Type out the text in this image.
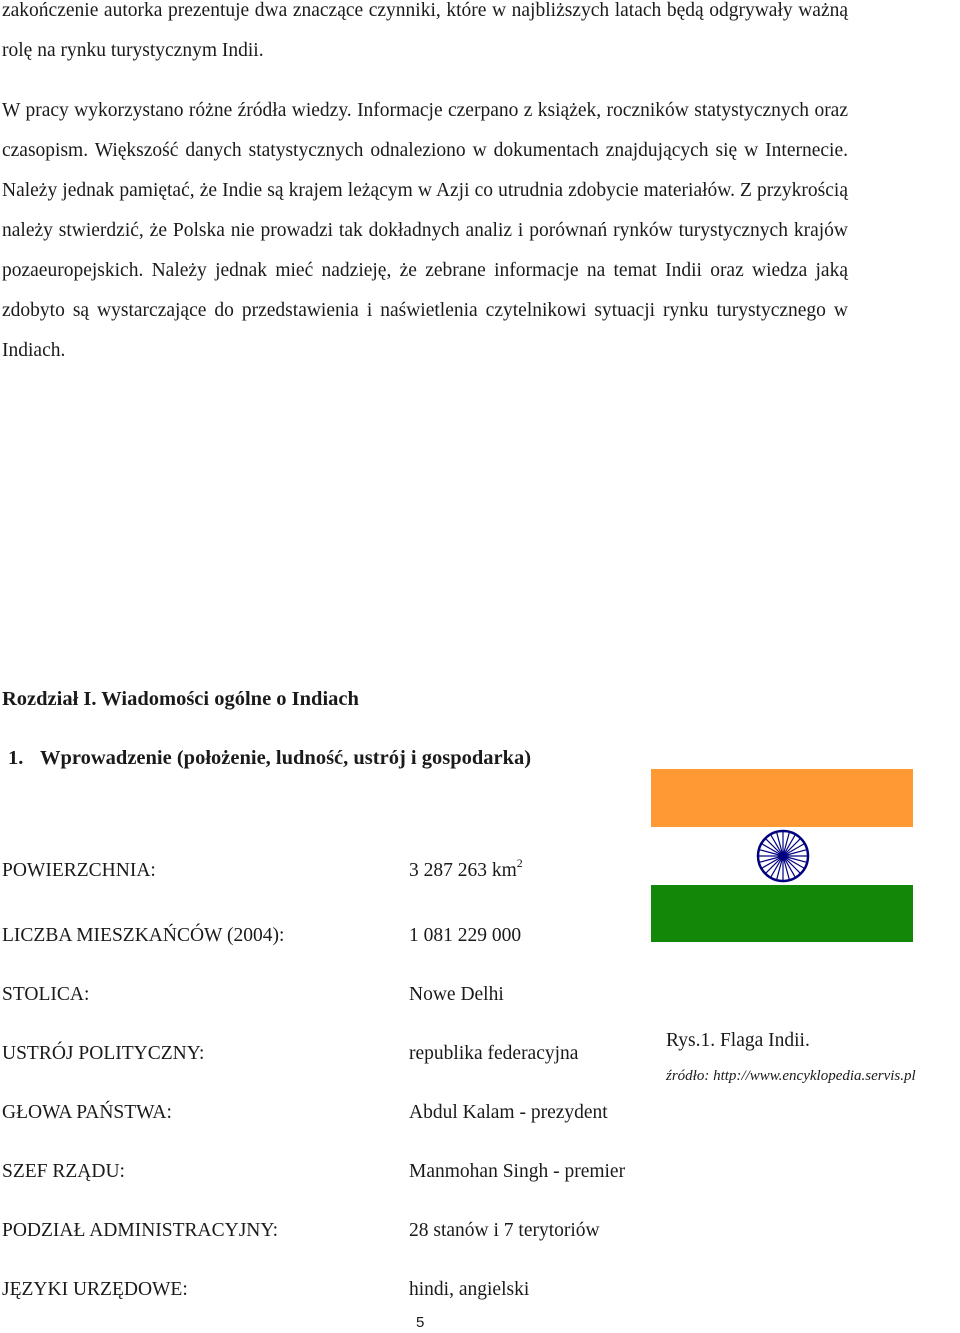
zakończenie autorka prezentuje dwa znaczące czynniki, które w najbliższych latach będą odgrywały ważną rolę na rynku turystycznym Indii.

W pracy wykorzystano różne źródła wiedzy. Informacje czerpano z książek, roczników statystycznych oraz czasopism. Większość danych statystycznych odnaleziono w dokumentach znajdujących się w Internecie. Należy jednak pamiętać, że Indie są krajem leżącym w Azji co utrudnia zdobycie materiałów. Z przykrością należy stwierdzić, że Polska nie prowadzi tak dokładnych analiz i porównań rynków turystycznych krajów pozaeuropejskich. Należy jednak mieć nadzieję, że zebrane informacje na temat Indii oraz wiedza jaką zdobyto są wystarczające do przedstawienia i naświetlenia czytelnikowi sytuacji rynku turystycznego w Indiach.

Rozdział I. Wiadomości ogólne o Indiach
1. Wprowadzenie (położenie, ludność, ustrój i gospodarka)
POWIERZCHNIA:	3 287 263 $km^2$
LICZBA MIESZKAŃCÓW (2004):	1 081 229 000
STOLICA:	Nowe Delhi
USTRÓJ POLITYCZNY:	republika federacyjna
GŁOWA PAŃSTWA:	Abdul Kalam - prezydent
SZEF RZĄDU:	Manmohan Singh - premier
PODZIAŁ ADMINISTRACYJNY:	28 stanów i 7 terytoriów
JĘZYKI URZĘDOWE:	hindi, angielski
Rys.1. Flaga Indii.
źródło: http://www.encyklopedia.servis.pl
5
